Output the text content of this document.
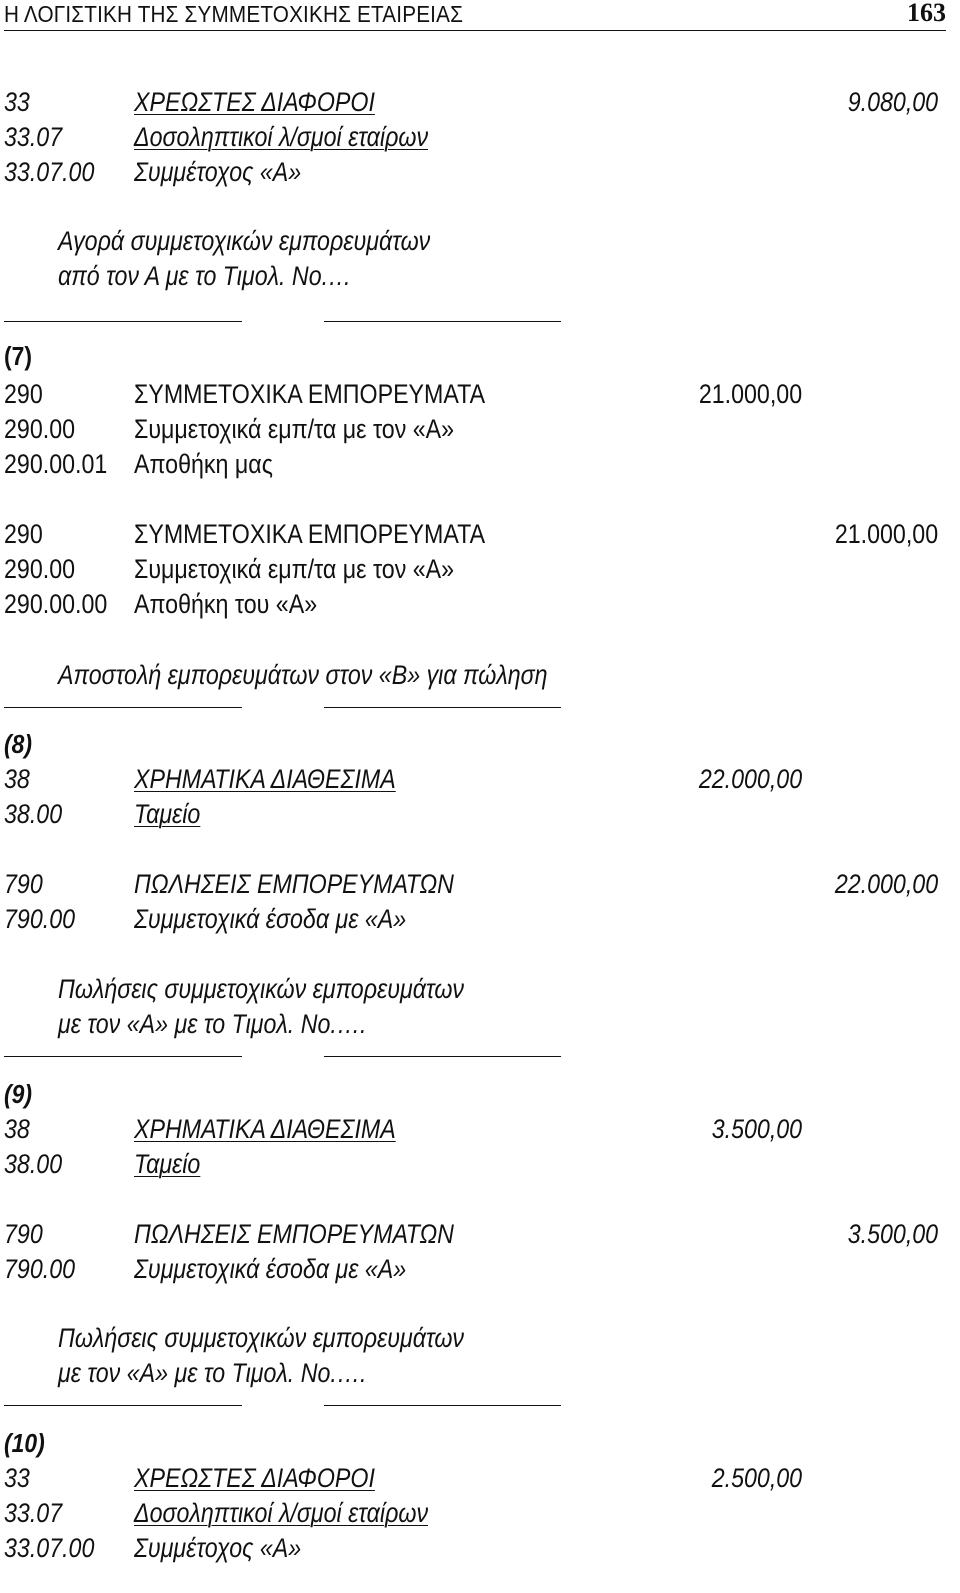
Η ΛΟΓΙΣΤΙΚΗ ΤΗΣ ΣΥΜΜΕΤΟΧΙΚΗΣ ΕΤΑΙΡΕΙΑΣ	163
33	ΧΡΕΩΣΤΕΣ ΔΙΑΦΟΡΟΙ	9.080,00
33.07	Δοσοληπτικοί λ/σμοί εταίρων
33.07.00 Συμμέτοχος «Α»
Αγορά συμμετοχικών εμπορευμάτων
από τον Α με το Τιμολ. Νο.…
(7)
290	ΣΥΜΜΕΤΟΧΙΚΑ ΕΜΠΟΡΕΥΜΑΤΑ	21.000,00
290.00 Συμμετοχικά εμπ/τα με τον «Α»
290.00.01 Αποθήκη μας
290	ΣΥΜΜΕΤΟΧΙΚΑ ΕΜΠΟΡΕΥΜΑΤΑ	21.000,00
290.00 Συμμετοχικά εμπ/τα με τον «Α»
290.00.00 Αποθήκη του «Α»
Αποστολή εμπορευμάτων στον «Β» για πώληση
(8)
38	ΧΡΗΜΑΤΙΚΑ ΔΙΑΘΕΣΙΜΑ	22.000,00
38.00	Ταμείο
790	ΠΩΛΗΣΕΙΣ ΕΜΠΟΡΕΥΜΑΤΩΝ	22.000,00
790.00 Συμμετοχικά έσοδα με «Α»
Πωλήσεις συμμετοχικών εμπορευμάτων
με τον «Α» με το Τιμολ. Νο.….
(9)
38	ΧΡΗΜΑΤΙΚΑ ΔΙΑΘΕΣΙΜΑ	3.500,00
38.00	Ταμείο
790	ΠΩΛΗΣΕΙΣ ΕΜΠΟΡΕΥΜΑΤΩΝ	3.500,00
790.00 Συμμετοχικά έσοδα με «Α»
Πωλήσεις συμμετοχικών εμπορευμάτων
με τον «Α» με το Τιμολ. Νο.….
(10)
33	ΧΡΕΩΣΤΕΣ ΔΙΑΦΟΡΟΙ	2.500,00
33.07	Δοσοληπτικοί λ/σμοί εταίρων
33.07.00 Συμμέτοχος «Α»
